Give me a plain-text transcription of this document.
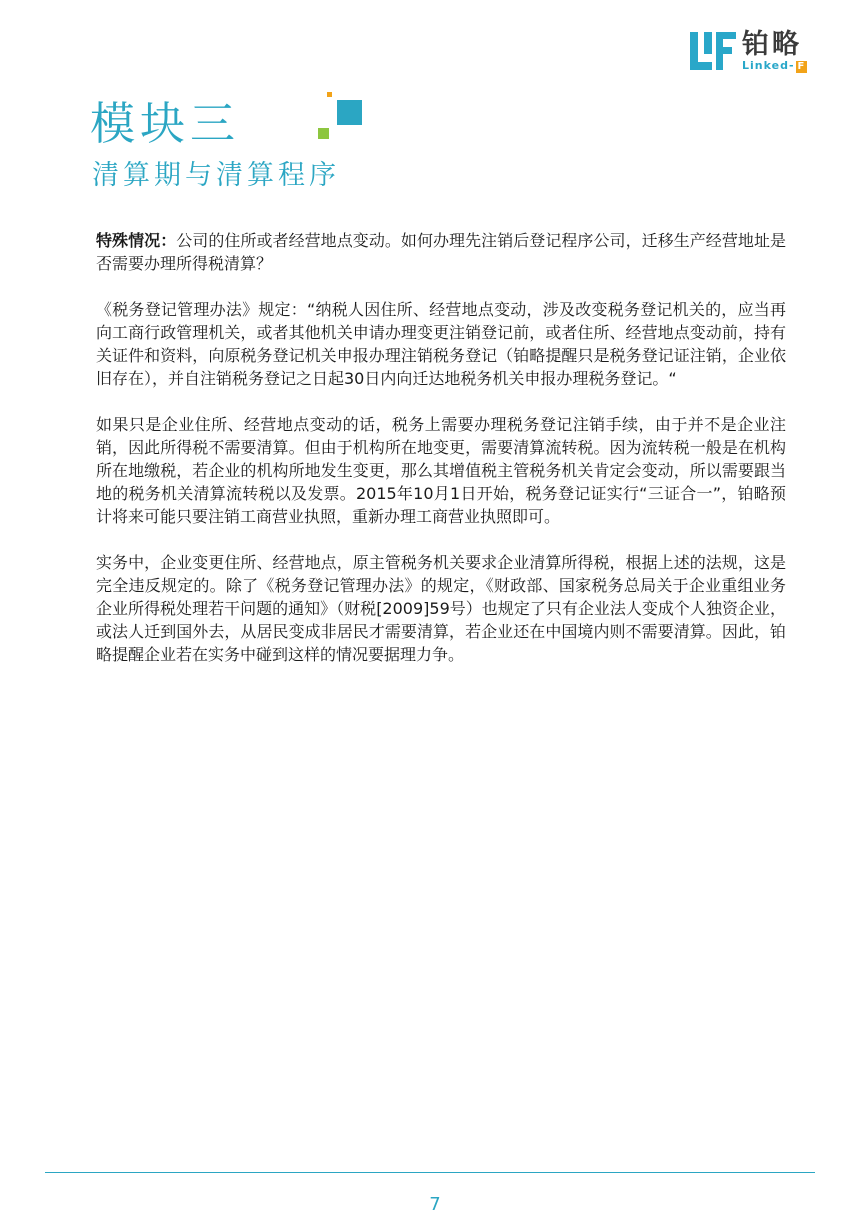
铂略
Linked- F
模块三
清算期与清算程序

特殊情况：公司的住所或者经营地点变动。如何办理先注销后登记程序公司，迁移生产经营地址是否需要办理所得税清算？

《税务登记管理办法》规定：“纳税人因住所、经营地点变动，涉及改变税务登记机关的，应当再向工商行政管理机关，或者其他机关申请办理变更注销登记前，或者住所、经营地点变动前，持有关证件和资料，向原税务登记机关申报办理注销税务登记（铂略提醒只是税务登记证注销，企业依旧存在），并自注销税务登记之日起30日内向迁达地税务机关申报办理税务登记。“

如果只是企业住所、经营地点变动的话，税务上需要办理税务登记注销手续，由于并不是企业注销，因此所得税不需要清算。但由于机构所在地变更，需要清算流转税。因为流转税一般是在机构所在地缴税，若企业的机构所地发生变更，那么其增值税主管税务机关肯定会变动，所以需要跟当地的税务机关清算流转税以及发票。2015年10月1日开始，税务登记证实行“三证合一”，铂略预计将来可能只要注销工商营业执照，重新办理工商营业执照即可。

实务中，企业变更住所、经营地点，原主管税务机关要求企业清算所得税，根据上述的法规，这是完全违反规定的。除了《税务登记管理办法》的规定，《财政部、国家税务总局关于企业重组业务企业所得税处理若干问题的通知》（财税[2009]59号）也规定了只有企业法人变成个人独资企业，或法人迁到国外去，从居民变成非居民才需要清算，若企业还在中国境内则不需要清算。因此，铂略提醒企业若在实务中碰到这样的情况要据理力争。

7
